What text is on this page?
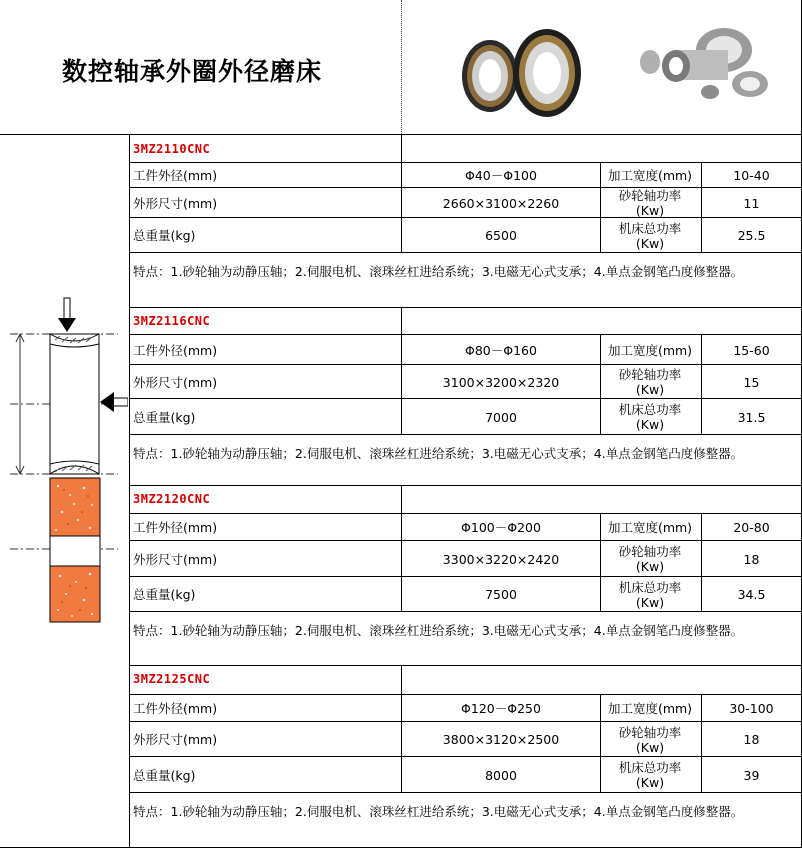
数控轴承外圈外径磨床
3MZ2110CNC
工件外径(mm)	Φ40－Φ100	加工宽度(mm)	10-40
外形尺寸(mm)	2660×3100×2260	砂轮轴功率
(Kw)	11
总重量(kg)	6500	机床总功率
(Kw)	25.5
特点：1.砂轮轴为动静压轴；2.伺服电机、滚珠丝杠进给系统；3.电磁无心式支承；4.单点金钢笔凸度修整器。
3MZ2116CNC
工件外径(mm)	Φ80－Φ160	加工宽度(mm)	15-60
外形尺寸(mm)	3100×3200×2320	砂轮轴功率
(Kw)	15
总重量(kg)	7000	机床总功率
(Kw)	31.5
特点：1.砂轮轴为动静压轴；2.伺服电机、滚珠丝杠进给系统；3.电磁无心式支承；4.单点金钢笔凸度修整器。
3MZ2120CNC
工件外径(mm)	Φ100－Φ200	加工宽度(mm)	20-80
外形尺寸(mm)	3300×3220×2420	砂轮轴功率
(Kw)	18
总重量(kg)	7500	机床总功率
(Kw)	34.5
特点：1.砂轮轴为动静压轴；2.伺服电机、滚珠丝杠进给系统；3.电磁无心式支承；4.单点金钢笔凸度修整器。
3MZ2125CNC
工件外径(mm)	Φ120－Φ250	加工宽度(mm)	30-100
外形尺寸(mm)	3800×3120×2500	砂轮轴功率
(Kw)	18
总重量(kg)	8000	机床总功率
(Kw)	39
特点：1.砂轮轴为动静压轴；2.伺服电机、滚珠丝杠进给系统；3.电磁无心式支承；4.单点金钢笔凸度修整器。
